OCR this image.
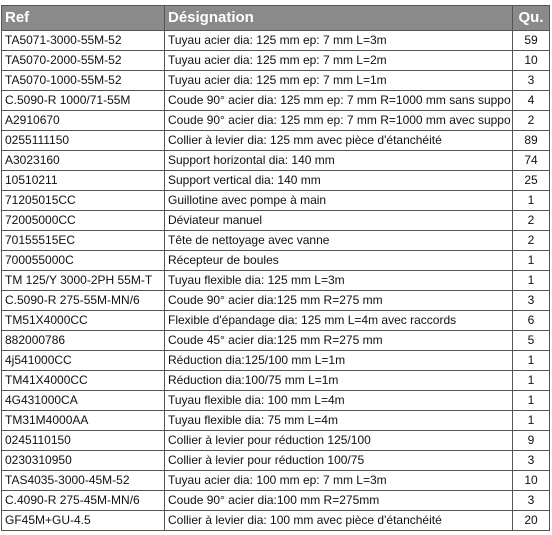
Ref	Désignation	Qu.
TA5071-3000-55M-52	Tuyau acier dia: 125 mm ep: 7 mm L=3m	59
TA5070-2000-55M-52	Tuyau acier dia: 125 mm ep: 7 mm L=2m	10
TA5070-1000-55M-52	Tuyau acier dia: 125 mm ep: 7 mm L=1m	3
C.5090-R 1000/71-55M	Coude 90° acier dia: 125 mm ep: 7 mm R=1000 mm sans suppo	4
A2910670	Coude 90° acier dia: 125 mm ep: 7 mm R=1000 mm avec suppo	2
0255111150	Collier à levier dia: 125 mm avec pièce d'étanchéité	89
A3023160	Support horizontal dia: 140 mm	74
10510211	Support vertical dia: 140 mm	25
71205015CC	Guillotine avec pompe à main	1
72005000CC	Déviateur manuel	2
70155515EC	Tête de nettoyage avec vanne	2
700055000C	Récepteur de boules	1
TM 125/Y 3000-2PH 55M-T	Tuyau flexible dia: 125 mm L=3m	1
C.5090-R 275-55M-MN/6	Coude 90° acier dia:125 mm R=275 mm	3
TM51X4000CC	Flexible d'épandage dia: 125 mm L=4m avec raccords	6
882000786	Coude 45° acier dia:125 mm R=275 mm	5
4j541000CC	Réduction dia:125/100 mm L=1m	1
TM41X4000CC	Réduction dia:100/75 mm L=1m	1
4G431000CA	Tuyau flexible dia: 100 mm L=4m	1
TM31M4000AA	Tuyau flexible dia: 75 mm L=4m	1
0245110150	Collier à levier pour réduction 125/100	9
0230310950	Collier à levier pour réduction 100/75	3
TAS4035-3000-45M-52	Tuyau acier dia: 100 mm ep: 7 mm L=3m	10
C.4090-R 275-45M-MN/6	Coude 90° acier dia:100 mm R=275mm	3
GF45M+GU-4.5	Collier à levier dia: 100 mm avec pièce d'étanchéité	20
